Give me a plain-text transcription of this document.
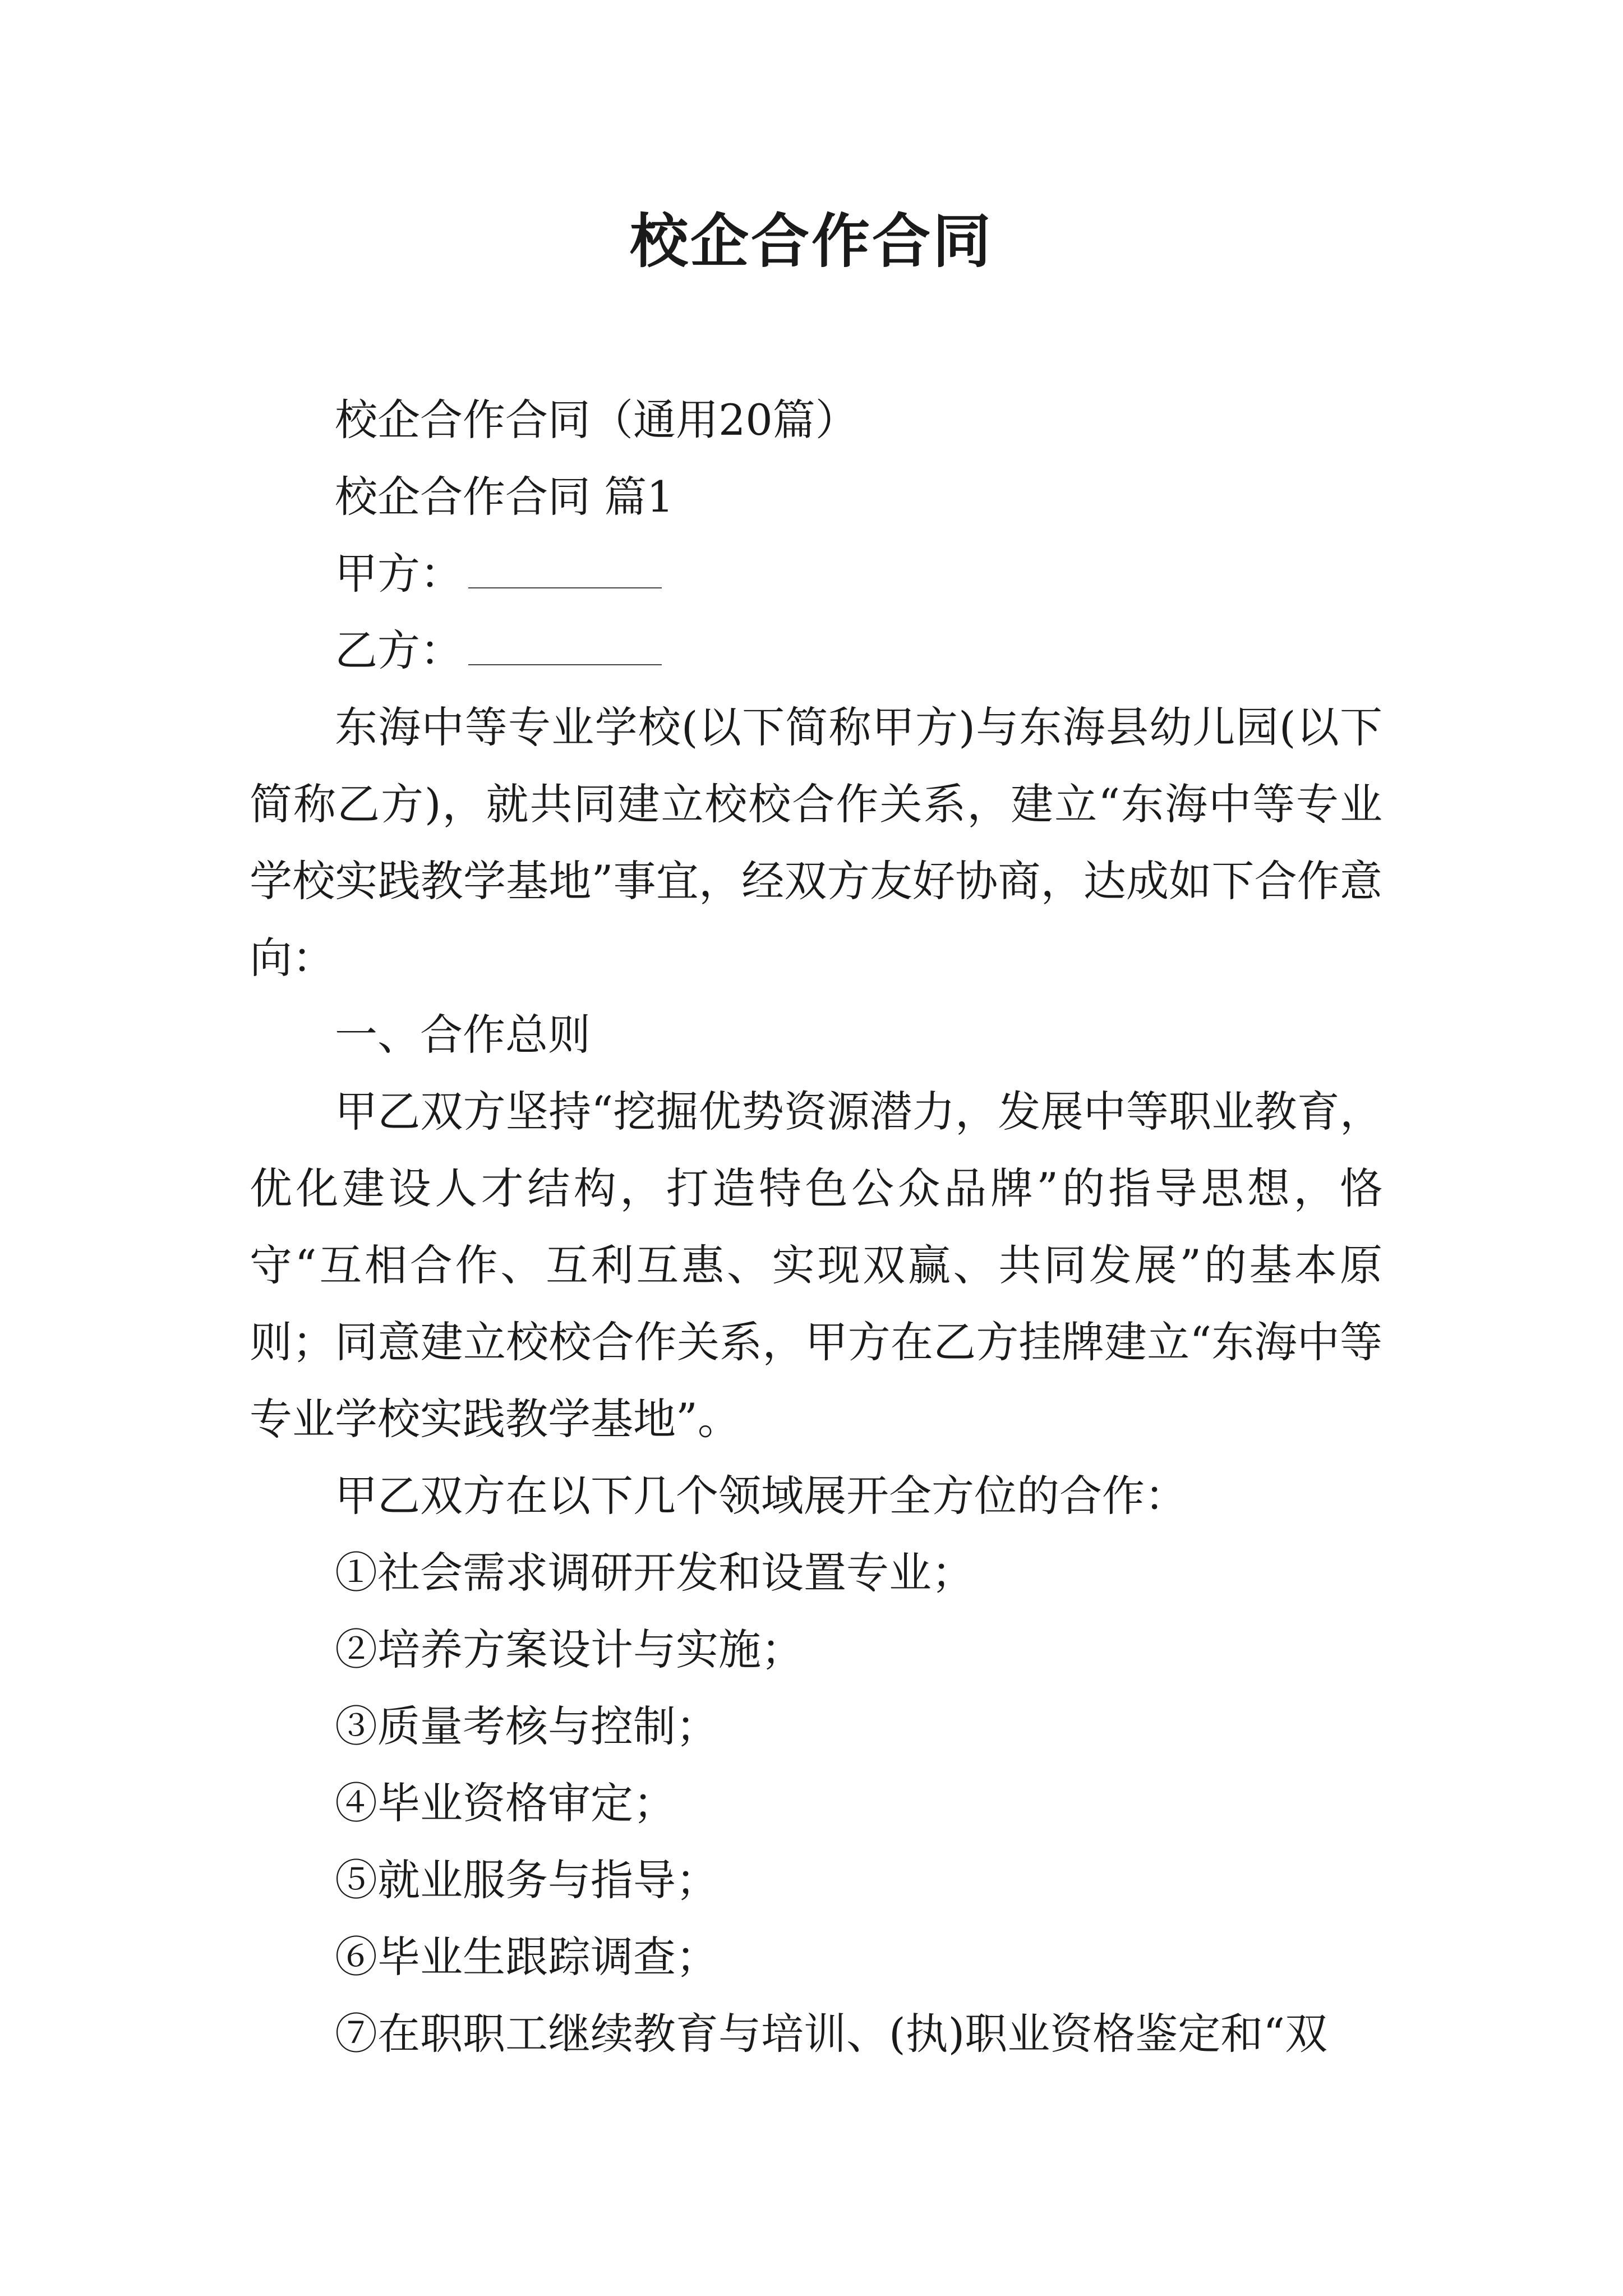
校企合作合同

校企合作合同（通用20篇）

校企合作合同 篇1

甲方：

乙方：

东海中等专业学校(以下简称甲方)与东海县幼儿园(以下简称乙方)，就共同建立校校合作关系，建立“东海中等专业学校实践教学基地”事宜，经双方友好协商，达成如下合作意向：

一、合作总则

甲乙双方坚持“挖掘优势资源潜力，发展中等职业教育，优化建设人才结构，打造特色公众品牌”的指导思想，恪守“互相合作、互利互惠、实现双赢、共同发展”的基本原则；同意建立校校合作关系，甲方在乙方挂牌建立“东海中等专业学校实践教学基地”。

甲乙双方在以下几个领域展开全方位的合作：

①社会需求调研开发和设置专业；

②培养方案设计与实施；

③质量考核与控制；

④毕业资格审定；

⑤就业服务与指导；

⑥毕业生跟踪调查；

⑦在职职工继续教育与培训、(执)职业资格鉴定和“双
